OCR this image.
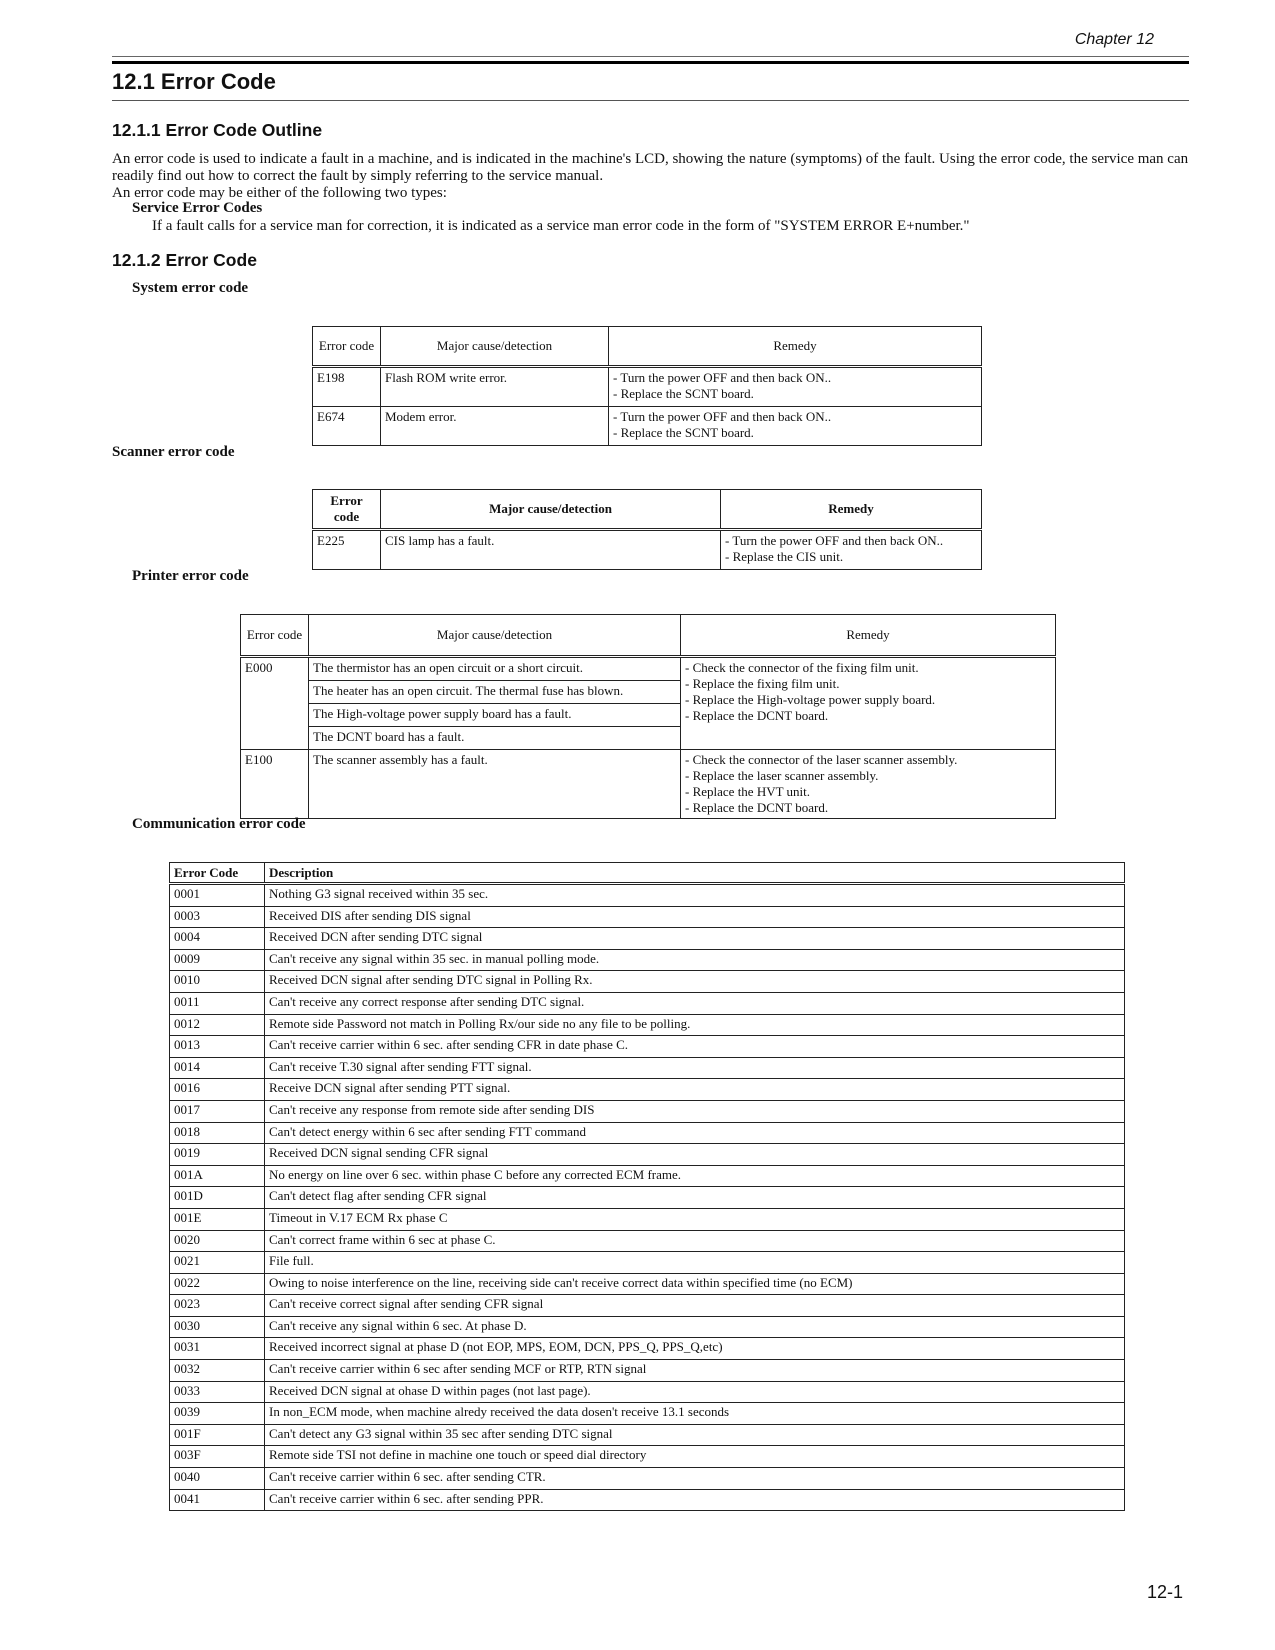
Chapter 12
12.1 Error Code
12.1.1 Error Code Outline

An error code is used to indicate a fault in a machine, and is indicated in the machine's LCD, showing the nature (symptoms) of the fault. Using the error code, the service man can readily find out how to correct the fault by simply referring to the service manual.

An error code may be either of the following two types:

Service Error Codes
If a fault calls for a service man for correction, it is indicated as a service man error code in the form of "SYSTEM ERROR E+number."
12.1.2 Error Code
System error code
Error code	Major cause/detection	Remedy
E198	Flash ROM write error.	- Turn the power OFF and then back ON..
- Replace the SCNT board.

E674	Modem error.	- Turn the power OFF and then back ON..
- Replace the SCNT board.
Scanner error code
Error code	Major cause/detection	Remedy
E225	CIS lamp has a fault.	- Turn the power OFF and then back ON..
- Replase the CIS unit.
Printer error code
Error code	Major cause/detection	Remedy
E000	The thermistor has an open circuit or a short circuit.	- Check the connector of the fixing film unit.
- Replace the fixing film unit.
- Replace the High-voltage power supply board.
- Replace the DCNT board.

	The heater has an open circuit. The thermal fuse has blown.	
	The High-voltage power supply board has a fault.	
	The DCNT board has a fault.	
E100	The scanner assembly has a fault.	- Check the connector of the laser scanner assembly.
- Replace the laser scanner assembly.
- Replace the HVT unit.
- Replace the DCNT board.
Communication error code
Error Code	Description
0001	Nothing G3 signal received within 35 sec.
0003	Received DIS after sending DIS signal
0004	Received DCN after sending DTC signal
0009	Can't receive any signal within 35 sec. in manual polling mode.
0010	Received DCN signal after sending DTC signal in Polling Rx.
0011	Can't receive any correct response after sending DTC signal.
0012	Remote side Password not match in Polling Rx/our side no any file to be polling.
0013	Can't receive carrier within 6 sec. after sending CFR in date phase C.
0014	Can't receive T.30 signal after sending FTT signal.
0016	Receive DCN signal after sending PTT signal.
0017	Can't receive any response from remote side after sending DIS
0018	Can't detect energy within 6 sec after sending FTT command
0019	Received DCN signal sending CFR signal
001A	No energy on line over 6 sec. within phase C before any corrected ECM frame.
001D	Can't detect flag after sending CFR signal
001E	Timeout in V.17 ECM Rx phase C
0020	Can't correct frame within 6 sec at phase C.
0021	File full.
0022	Owing to noise interference on the line, receiving side can't receive correct data within specified time (no ECM)
0023	Can't receive correct signal after sending CFR signal
0030	Can't receive any signal within 6 sec. At phase D.
0031	Received incorrect signal at phase D (not EOP, MPS, EOM, DCN, PPS_Q, PPS_Q,etc)
0032	Can't receive carrier within 6 sec after sending MCF or RTP, RTN signal
0033	Received DCN signal at ohase D within pages (not last page).
0039	In non_ECM mode, when machine alredy received the data dosen't receive 13.1 seconds
001F	Can't detect any G3 signal within 35 sec after sending DTC signal
003F	Remote side TSI not define in machine one touch or speed dial directory
0040	Can't receive carrier within 6 sec. after sending CTR.
0041	Can't receive carrier within 6 sec. after sending PPR.
12-1
